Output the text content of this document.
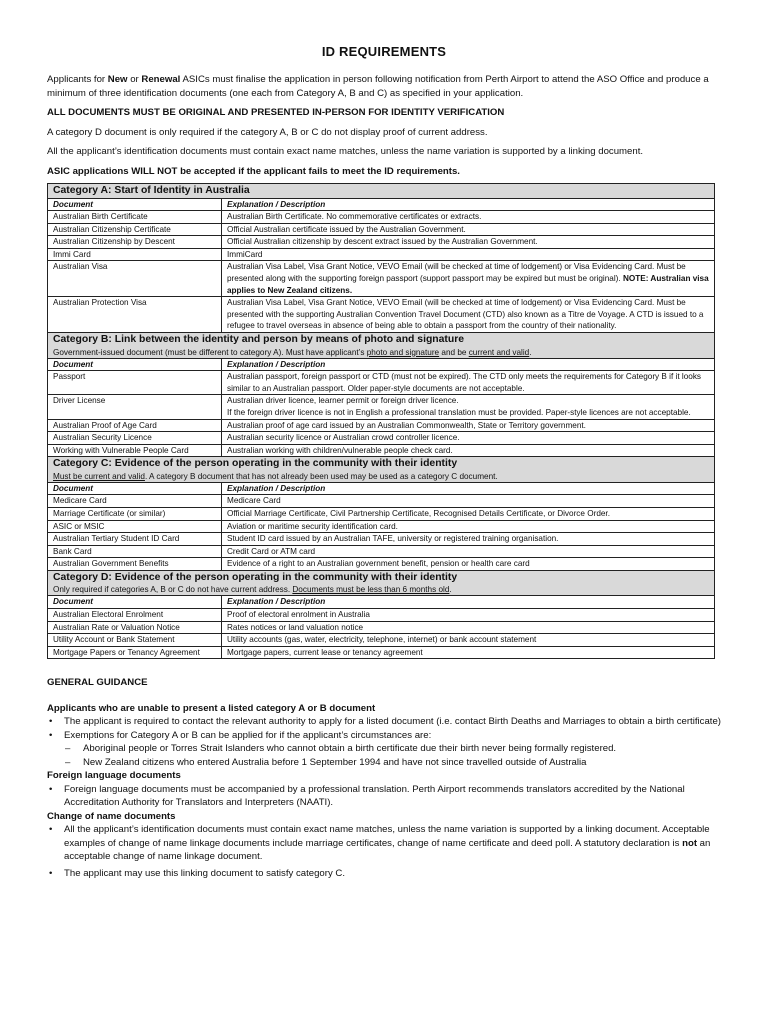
ID REQUIREMENTS

Applicants for New or Renewal ASICs must finalise the application in person following notification from Perth Airport to attend the ASO Office and produce a minimum of three identification documents (one each from Category A, B and C) as specified in your application.

ALL DOCUMENTS MUST BE ORIGINAL AND PRESENTED IN-PERSON FOR IDENTITY VERIFICATION

A category D document is only required if the category A, B or C do not display proof of current address.

All the applicant’s identification documents must contain exact name matches, unless the name variation is supported by a linking document.

ASIC applications WILL NOT be accepted if the applicant fails to meet the ID requirements.

Category A: Start of Identity in Australia	

Document	Explanation / Description
Australian Birth Certificate	Australian Birth Certificate. No commemorative certificates or extracts.
Australian Citizenship Certificate	Official Australian certificate issued by the Australian Government.
Australian Citizenship by Descent	Official Australian citizenship by descent extract issued by the Australian Government.
Immi Card	ImmiCard
Australian Visa	Australian Visa Label, Visa Grant Notice, VEVO Email (will be checked at time of lodgement) or Visa Evidencing Card. Must be presented along with the supporting foreign passport (support passport may be expired but must be original). NOTE: Australian visa applies to New Zealand citizens.
Australian Protection Visa	Australian Visa Label, Visa Grant Notice, VEVO Email (will be checked at time of lodgement) or Visa Evidencing Card. Must be presented with the supporting Australian Convention Travel Document (CTD) also known as a Titre de Voyage. A CTD is issued to a refugee to travel overseas in absence of being able to obtain a passport from the country of their nationality.

Category B: Link between the identity and person by means of photo and signature
Government-issued document (must be different to category A). Must have applicant’s photo and signature and be current and valid.	

Document	Explanation / Description
Passport	Australian passport, foreign passport or CTD (must not be expired). The CTD only meets the requirements for Category B if it looks similar to an Australian passport. Older paper-style documents are not acceptable.
Driver License	Australian driver licence, learner permit or foreign driver licence.
If the foreign driver licence is not in English a professional translation must be provided. Paper-style licences are not acceptable.
Australian Proof of Age Card	Australian proof of age card issued by an Australian Commonwealth, State or Territory government.
Australian Security Licence	Australian security licence or Australian crowd controller licence.
Working with Vulnerable People Card	Australian working with children/vulnerable people check card.

Category C: Evidence of the person operating in the community with their identity
Must be current and valid. A category B document that has not already been used may be used as a category C document.	

Document	Explanation / Description
Medicare Card	Medicare Card
Marriage Certificate (or similar)	Official Marriage Certificate, Civil Partnership Certificate, Recognised Details Certificate, or Divorce Order.
ASIC or MSIC	Aviation or maritime security identification card.
Australian Tertiary Student ID Card	Student ID card issued by an Australian TAFE, university or registered training organisation.
Bank Card	Credit Card or ATM card
Australian Government Benefits	Evidence of a right to an Australian government benefit, pension or health care card

Category D: Evidence of the person operating in the community with their identity
Only required if categories A, B or C do not have current address. Documents must be less than 6 months old.	

Document	Explanation / Description
Australian Electoral Enrolment	Proof of electoral enrolment in Australia
Australian Rate or Valuation Notice	Rates notices or land valuation notice
Utility Account or Bank Statement	Utility accounts (gas, water, electricity, telephone, internet) or bank account statement
Mortgage Papers or Tenancy Agreement	Mortgage papers, current lease or tenancy agreement

GENERAL GUIDANCE

Applicants who are unable to present a listed category A or B document

• The applicant is required to contact the relevant authority to apply for a listed document (i.e. contact Birth Deaths and Marriages to obtain a birth certificate)
• Exemptions for Category A or B can be applied for if the applicant’s circumstances are:
– Aboriginal people or Torres Strait Islanders who cannot obtain a birth certificate due their birth never being formally registered.
– New Zealand citizens who entered Australia before 1 September 1994 and have not since travelled outside of Australia

Foreign language documents

• Foreign language documents must be accompanied by a professional translation. Perth Airport recommends translators accredited by the National Accreditation Authority for Translators and Interpreters (NAATI).

Change of name documents

• All the applicant’s identification documents must contain exact name matches, unless the name variation is supported by a linking document. Acceptable examples of change of name linkage documents include marriage certificates, change of name certificate and deed poll. A statutory declaration is not an acceptable change of name linkage document.
• The applicant may use this linking document to satisfy category C.
